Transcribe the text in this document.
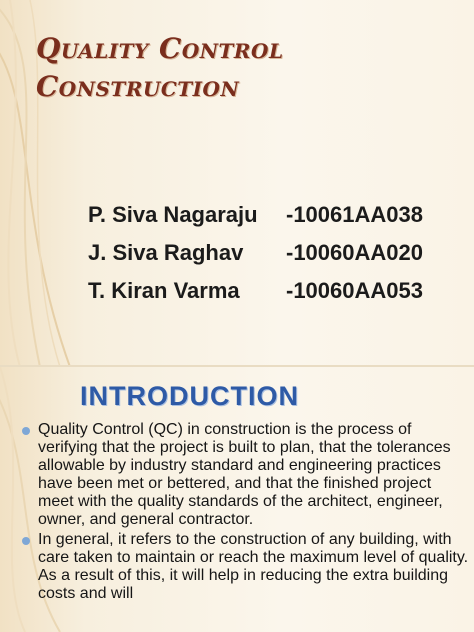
Quality Control
Construction
P. Siva Nagaraju -10061AA038
J. Siva Raghav -10060AA020
T. Kiran Varma -10060AA053
INTRODUCTION
Quality Control (QC) in construction is the process of verifying that the project is built to plan, that the tolerances allowable by industry standard and engineering practices have been met or bettered, and that the finished project meet with the quality standards of the architect, engineer, owner, and general contractor.
In general, it refers to the construction of any building, with care taken to maintain or reach the maximum level of quality. As a result of this, it will help in reducing the extra building costs and will
